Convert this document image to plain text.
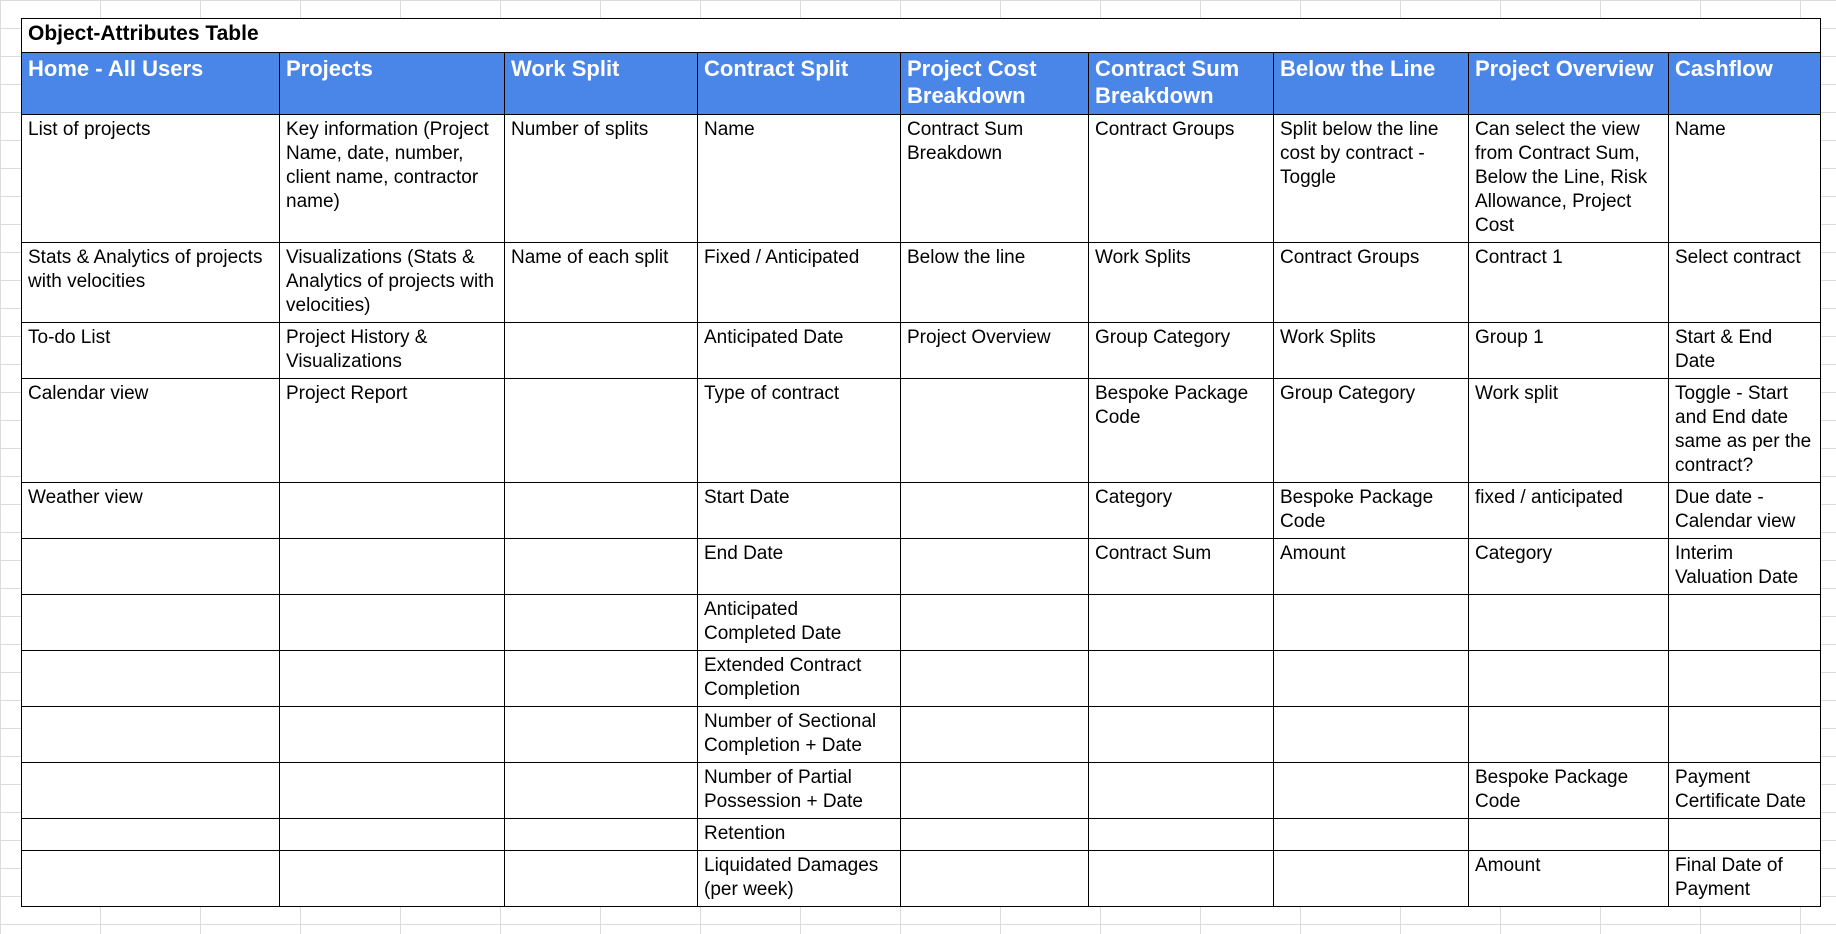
Object-Attributes Table								
Home - All Users	Projects	Work Split	Contract Split	Project Cost Breakdown	Contract Sum Breakdown	Below the Line	Project Overview	Cashflow
List of projects	Key information (Project Name, date, number, client name, contractor name)	Number of splits	Name	Contract Sum Breakdown	Contract Groups	Split below the line cost by contract - Toggle	Can select the view from Contract Sum, Below the Line, Risk Allowance, Project Cost	Name
Stats & Analytics of projects with velocities	Visualizations (Stats & Analytics of projects with velocities)	Name of each split	Fixed / Anticipated	Below the line	Work Splits	Contract Groups	Contract 1	Select contract
To-do List	Project History & Visualizations		Anticipated Date	Project Overview	Group Category	Work Splits	Group 1	Start & End Date
Calendar view	Project Report		Type of contract		Bespoke Package Code	Group Category	Work split	Toggle - Start and End date same as per the contract?
Weather view			Start Date		Category	Bespoke Package Code	fixed / anticipated	Due date - Calendar view
			End Date		Contract Sum	Amount	Category	Interim Valuation Date
			Anticipated Completed Date					
			Extended Contract Completion					
			Number of Sectional Completion + Date					
			Number of Partial Possession + Date				Bespoke Package Code	Payment Certificate Date
			Retention					
			Liquidated Damages (per week)				Amount	Final Date of Payment
